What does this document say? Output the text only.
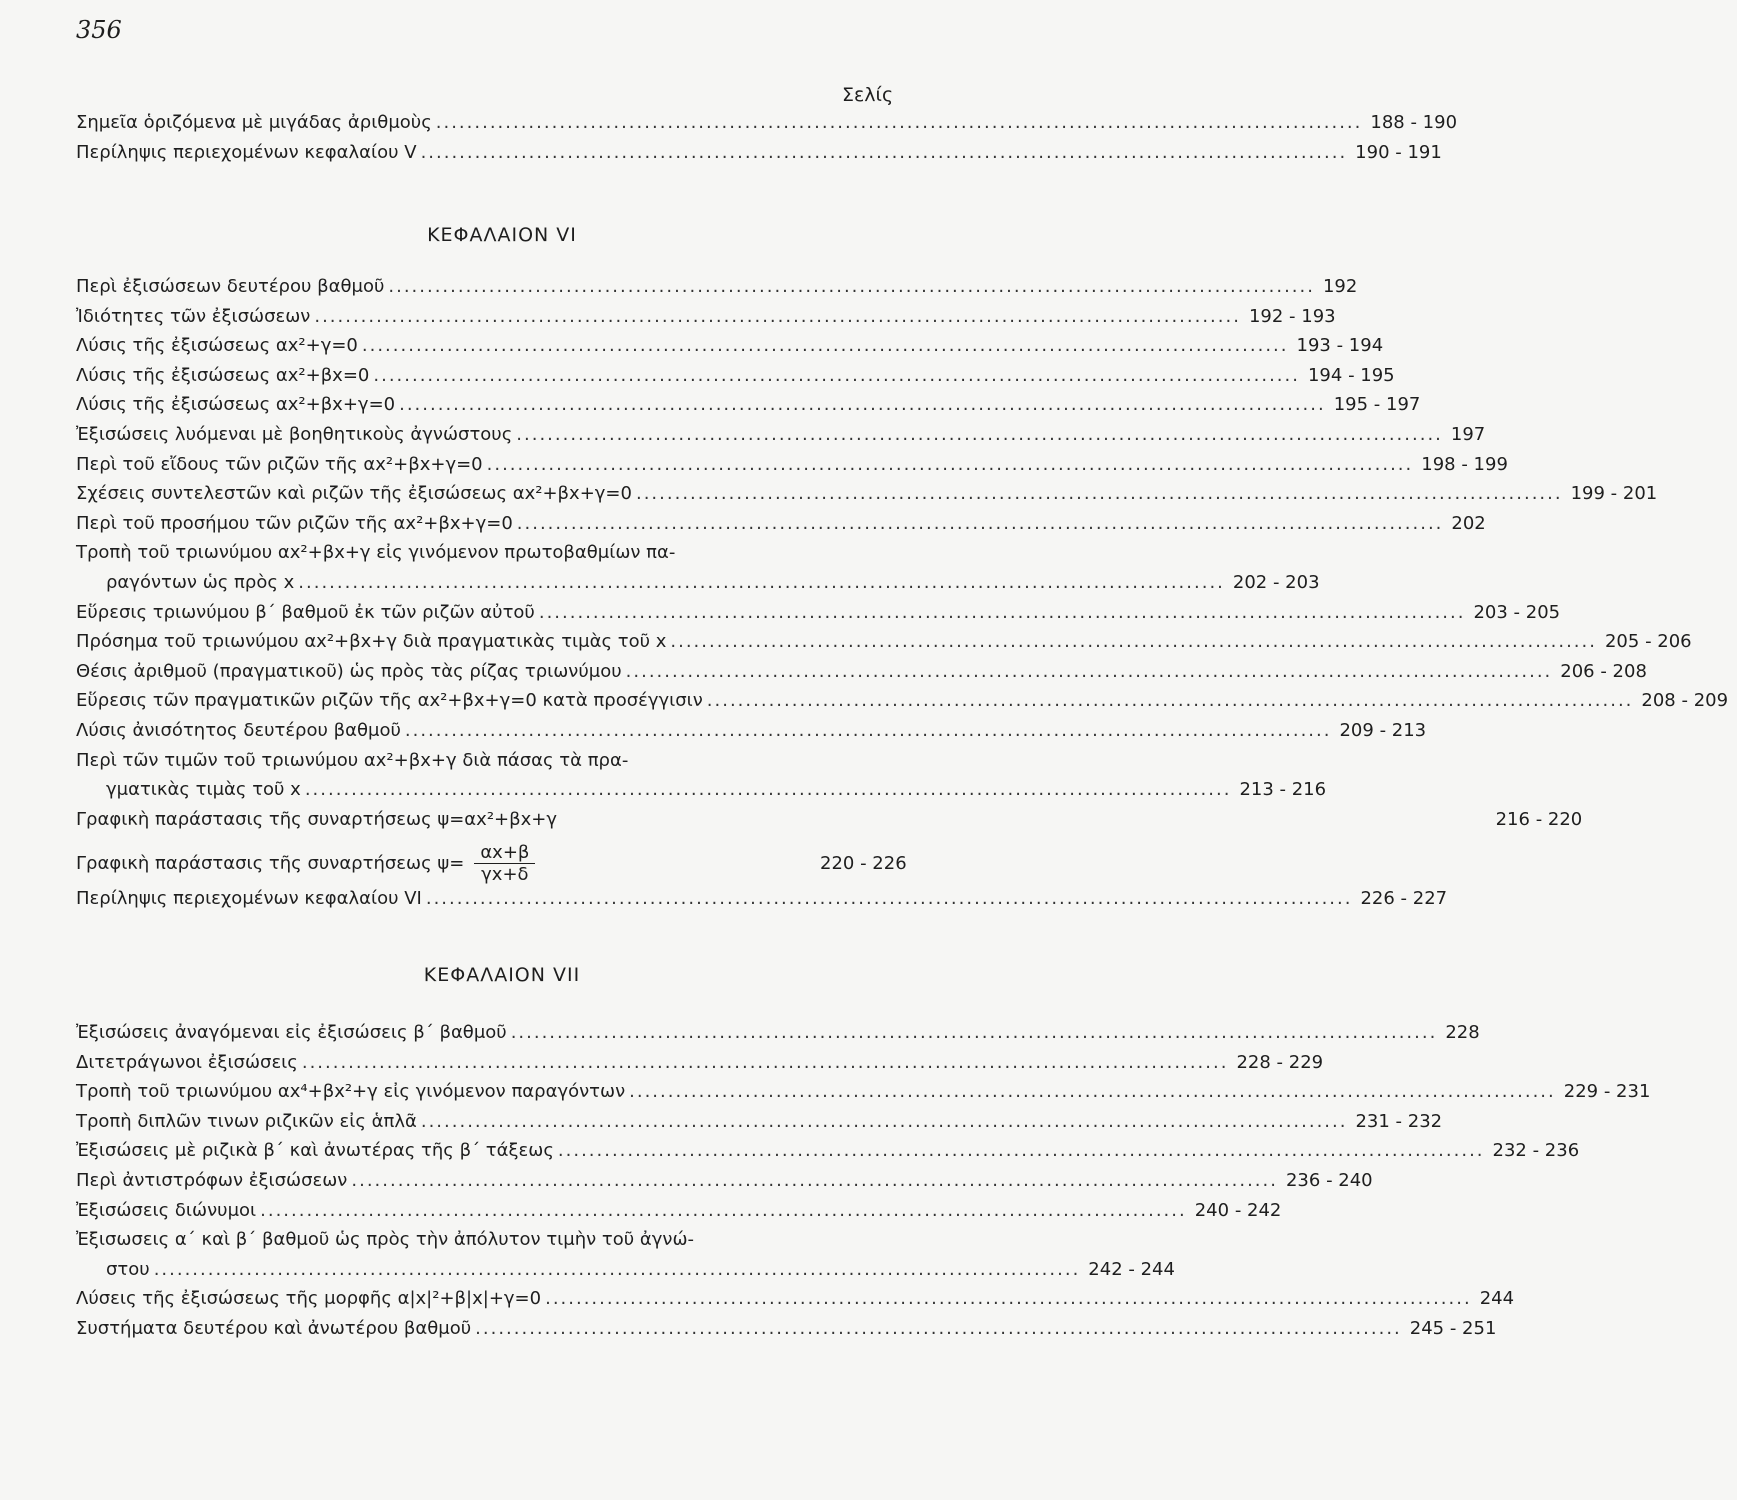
356
Σελίς
Σημεῖα ὁριζόμενα μὲ μιγάδας ἀριθμοὺς ........................................................................................................................ 188 - 190
Περίληψις περιεχομένων κεφαλαίου V ........................................................................................................................ 190 - 191
ΚΕΦΑΛΑΙΟΝ VI
Περὶ ἐξισώσεων δευτέρου βαθμοῦ ........................................................................................................................ 192
Ἰδιότητες τῶν ἐξισώσεων ........................................................................................................................ 192 - 193
Λύσις τῆς ἐξισώσεως αx²+γ=0 ........................................................................................................................ 193 - 194
Λύσις τῆς ἐξισώσεως αx²+βx=0 ........................................................................................................................ 194 - 195
Λύσις τῆς ἐξισώσεως αx²+βx+γ=0 ........................................................................................................................ 195 - 197
Ἐξισώσεις λυόμεναι μὲ βοηθητικοὺς ἀγνώστους ........................................................................................................................ 197
Περὶ τοῦ εἴδους τῶν ριζῶν τῆς αx²+βx+γ=0 ........................................................................................................................ 198 - 199
Σχέσεις συντελεστῶν καὶ ριζῶν τῆς ἐξισώσεως αx²+βx+γ=0 ........................................................................................................................ 199 - 201
Περὶ τοῦ προσήμου τῶν ριζῶν τῆς αx²+βx+γ=0 ........................................................................................................................ 202
Τροπὴ τοῦ τριωνύμου αx²+βx+γ εἰς γινόμενον πρωτοβαθμίων πα-
ραγόντων ὡς πρὸς x ........................................................................................................................ 202 - 203
Εὕρεσις τριωνύμου β´ βαθμοῦ ἐκ τῶν ριζῶν αὐτοῦ ........................................................................................................................ 203 - 205
Πρόσημα τοῦ τριωνύμου αx²+βx+γ διὰ πραγματικὰς τιμὰς τοῦ x ........................................................................................................................ 205 - 206
Θέσις ἀριθμοῦ (πραγματικοῦ) ὡς πρὸς τὰς ρίζας τριωνύμου ........................................................................................................................ 206 - 208
Εὕρεσις τῶν πραγματικῶν ριζῶν τῆς αx²+βx+γ=0 κατὰ προσέγγισιν ........................................................................................................................ 208 - 209
Λύσις ἀνισότητος δευτέρου βαθμοῦ ........................................................................................................................ 209 - 213
Περὶ τῶν τιμῶν τοῦ τριωνύμου αx²+βx+γ διὰ πάσας τὰ πρα-
γματικὰς τιμὰς τοῦ x ........................................................................................................................ 213 - 216
Γραφικὴ παράστασις τῆς συναρτήσεως ψ=αx²+βx+γ	216 - 220
Γραφικὴ παράστασις τῆς συναρτήσεως $\psi= \frac{\alpha x+\beta}{\gamma x+\delta}$	220 - 226
Περίληψις περιεχομένων κεφαλαίου VI ........................................................................................................................ 226 - 227
ΚΕΦΑΛΑΙΟΝ VII
Ἐξισώσεις ἀναγόμεναι εἰς ἐξισώσεις β´ βαθμοῦ ........................................................................................................................ 228
Διτετράγωνοι ἐξισώσεις ........................................................................................................................ 228 - 229
Τροπὴ τοῦ τριωνύμου αx⁴+βx²+γ εἰς γινόμενον παραγόντων ........................................................................................................................ 229 - 231
Τροπὴ διπλῶν τινων ριζικῶν εἰς ἁπλᾶ ........................................................................................................................ 231 - 232
Ἐξισώσεις μὲ ριζικὰ β´ καὶ ἀνωτέρας τῆς β´ τάξεως ........................................................................................................................ 232 - 236
Περὶ ἀντιστρόφων ἐξισώσεων ........................................................................................................................ 236 - 240
Ἐξισώσεις διώνυμοι ........................................................................................................................ 240 - 242
Ἐξισωσεις α´ καὶ β´ βαθμοῦ ὡς πρὸς τὴν ἀπόλυτον τιμὴν τοῦ ἀγνώ-
στου ........................................................................................................................ 242 - 244
Λύσεις τῆς ἐξισώσεως τῆς μορφῆς α|x|²+β|x|+γ=0 ........................................................................................................................ 244
Συστήματα δευτέρου καὶ ἀνωτέρου βαθμοῦ ........................................................................................................................ 245 - 251
